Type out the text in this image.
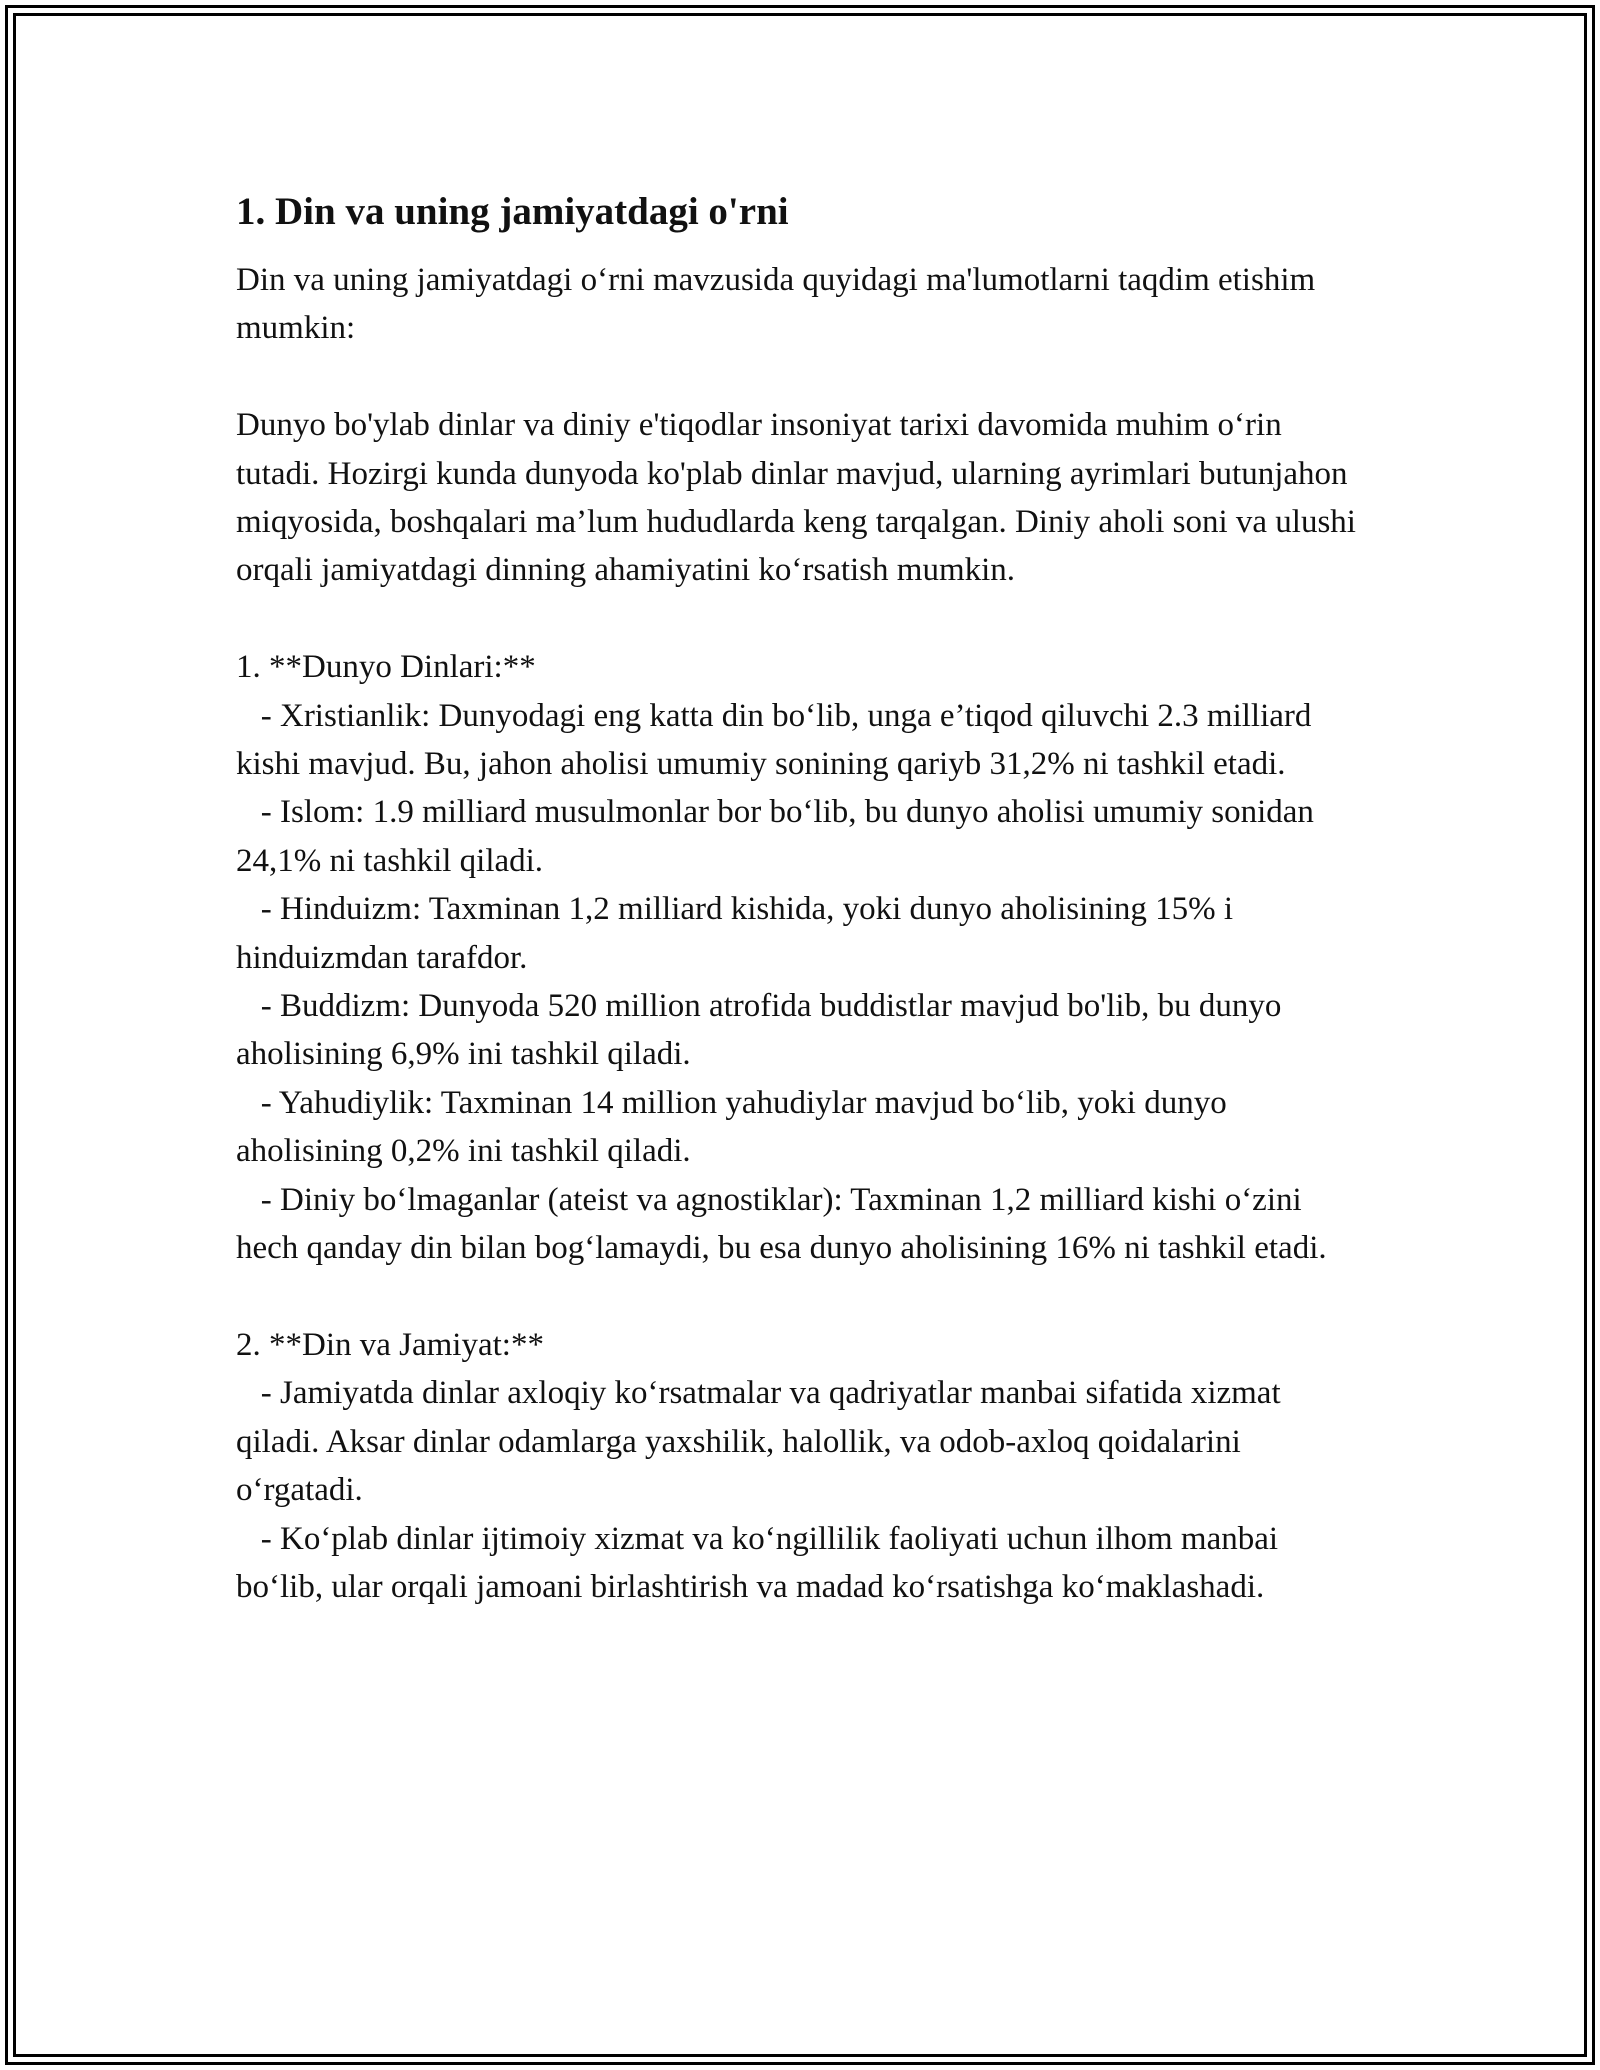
1. Din va uning jamiyatdagi o'rni

Din va uning jamiyatdagi o‘rni mavzusida quyidagi ma'lumotlarni taqdim etishim mumkin:

Dunyo bo'ylab dinlar va diniy e'tiqodlar insoniyat tarixi davomida muhim o‘rin tutadi. Hozirgi kunda dunyoda ko'plab dinlar mavjud, ularning ayrimlari butunjahon miqyosida, boshqalari ma’lum hududlarda keng tarqalgan. Diniy aholi soni va ulushi orqali jamiyatdagi dinning ahamiyatini ko‘rsatish mumkin.

1. **Dunyo Dinlari:**

- Xristianlik: Dunyodagi eng katta din bo‘lib, unga e’tiqod qiluvchi 2.3 milliard kishi mavjud. Bu, jahon aholisi umumiy sonining qariyb 31,2% ni tashkil etadi.

- Islom: 1.9 milliard musulmonlar bor bo‘lib, bu dunyo aholisi umumiy sonidan 24,1% ni tashkil qiladi.

- Hinduizm: Taxminan 1,2 milliard kishida, yoki dunyo aholisining 15% i hinduizmdan tarafdor.

- Buddizm: Dunyoda 520 million atrofida buddistlar mavjud bo'lib, bu dunyo aholisining 6,9% ini tashkil qiladi.

- Yahudiylik: Taxminan 14 million yahudiylar mavjud bo‘lib, yoki dunyo aholisining 0,2% ini tashkil qiladi.

- Diniy bo‘lmaganlar (ateist va agnostiklar): Taxminan 1,2 milliard kishi o‘zini hech qanday din bilan bog‘lamaydi, bu esa dunyo aholisining 16% ni tashkil etadi.

2. **Din va Jamiyat:**

- Jamiyatda dinlar axloqiy ko‘rsatmalar va qadriyatlar manbai sifatida xizmat qiladi. Aksar dinlar odamlarga yaxshilik, halollik, va odob-axloq qoidalarini o‘rgatadi.

- Ko‘plab dinlar ijtimoiy xizmat va ko‘ngillilik faoliyati uchun ilhom manbai bo‘lib, ular orqali jamoani birlashtirish va madad ko‘rsatishga ko‘maklashadi.
